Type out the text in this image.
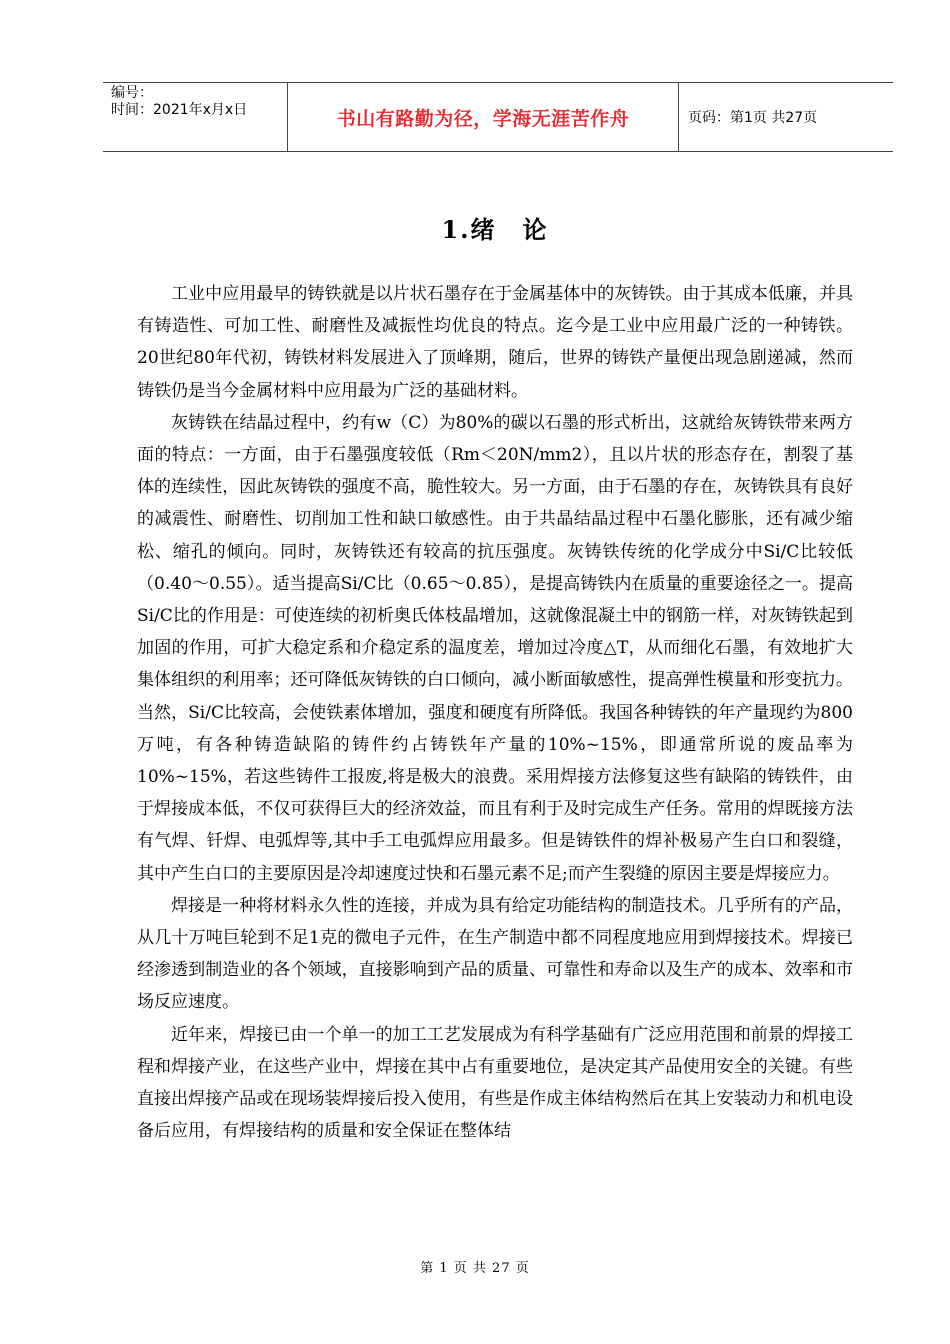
编号：
时间：2021年x月x日	书山有路勤为径，学海无涯苦作舟	页码：第1页 共27页
1.绪　论

工业中应用最早的铸铁就是以片状石墨存在于金属基体中的灰铸铁。由于其成本低廉，并具有铸造性、可加工性、耐磨性及减振性均优良的特点。迄今是工业中应用最广泛的一种铸铁。20世纪80年代初，铸铁材料发展进入了顶峰期，随后，世界的铸铁产量便出现急剧递减，然而铸铁仍是当今金属材料中应用最为广泛的基础材料。

灰铸铁在结晶过程中，约有w（C）为80%的碳以石墨的形式析出，这就给灰铸铁带来两方面的特点：一方面，由于石墨强度较低（Rm＜20N/mm2），且以片状的形态存在，割裂了基体的连续性，因此灰铸铁的强度不高，脆性较大。另一方面，由于石墨的存在，灰铸铁具有良好的减震性、耐磨性、切削加工性和缺口敏感性。由于共晶结晶过程中石墨化膨胀，还有减少缩松、缩孔的倾向。同时，灰铸铁还有较高的抗压强度。灰铸铁传统的化学成分中Si/C比较低（0.40～0.55）。适当提高Si/C比（0.65～0.85），是提高铸铁内在质量的重要途径之一。提高Si/C比的作用是：可使连续的初析奥氏体枝晶增加，这就像混凝土中的钢筋一样，对灰铸铁起到加固的作用，可扩大稳定系和介稳定系的温度差，增加过冷度△T，从而细化石墨，有效地扩大集体组织的利用率；还可降低灰铸铁的白口倾向，减小断面敏感性，提高弹性模量和形变抗力。当然，Si/C比较高，会使铁素体增加，强度和硬度有所降低。我国各种铸铁的年产量现约为800万吨，有各种铸造缺陷的铸件约占铸铁年产量的10%~15%，即通常所说的废品率为10%~15%，若这些铸件工报废,将是极大的浪费。采用焊接方法修复这些有缺陷的铸铁件，由于焊接成本低，不仅可获得巨大的经济效益，而且有利于及时完成生产任务。常用的焊既接方法有气焊、钎焊、电弧焊等,其中手工电弧焊应用最多。但是铸铁件的焊补极易产生白口和裂缝，其中产生白口的主要原因是冷却速度过快和石墨元素不足;而产生裂缝的原因主要是焊接应力。

焊接是一种将材料永久性的连接，并成为具有给定功能结构的制造技术。几乎所有的产品，从几十万吨巨轮到不足1克的微电子元件，在生产制造中都不同程度地应用到焊接技术。焊接已经渗透到制造业的各个领域，直接影响到产品的质量、可靠性和寿命以及生产的成本、效率和市场反应速度。

近年来，焊接已由一个单一的加工工艺发展成为有科学基础有广泛应用范围和前景的焊接工程和焊接产业，在这些产业中，焊接在其中占有重要地位，是决定其产品使用安全的关键。有些直接出焊接产品或在现场装焊接后投入使用，有些是作成主体结构然后在其上安装动力和机电设备后应用，有焊接结构的质量和安全保证在整体结

第 1 页 共 27 页
